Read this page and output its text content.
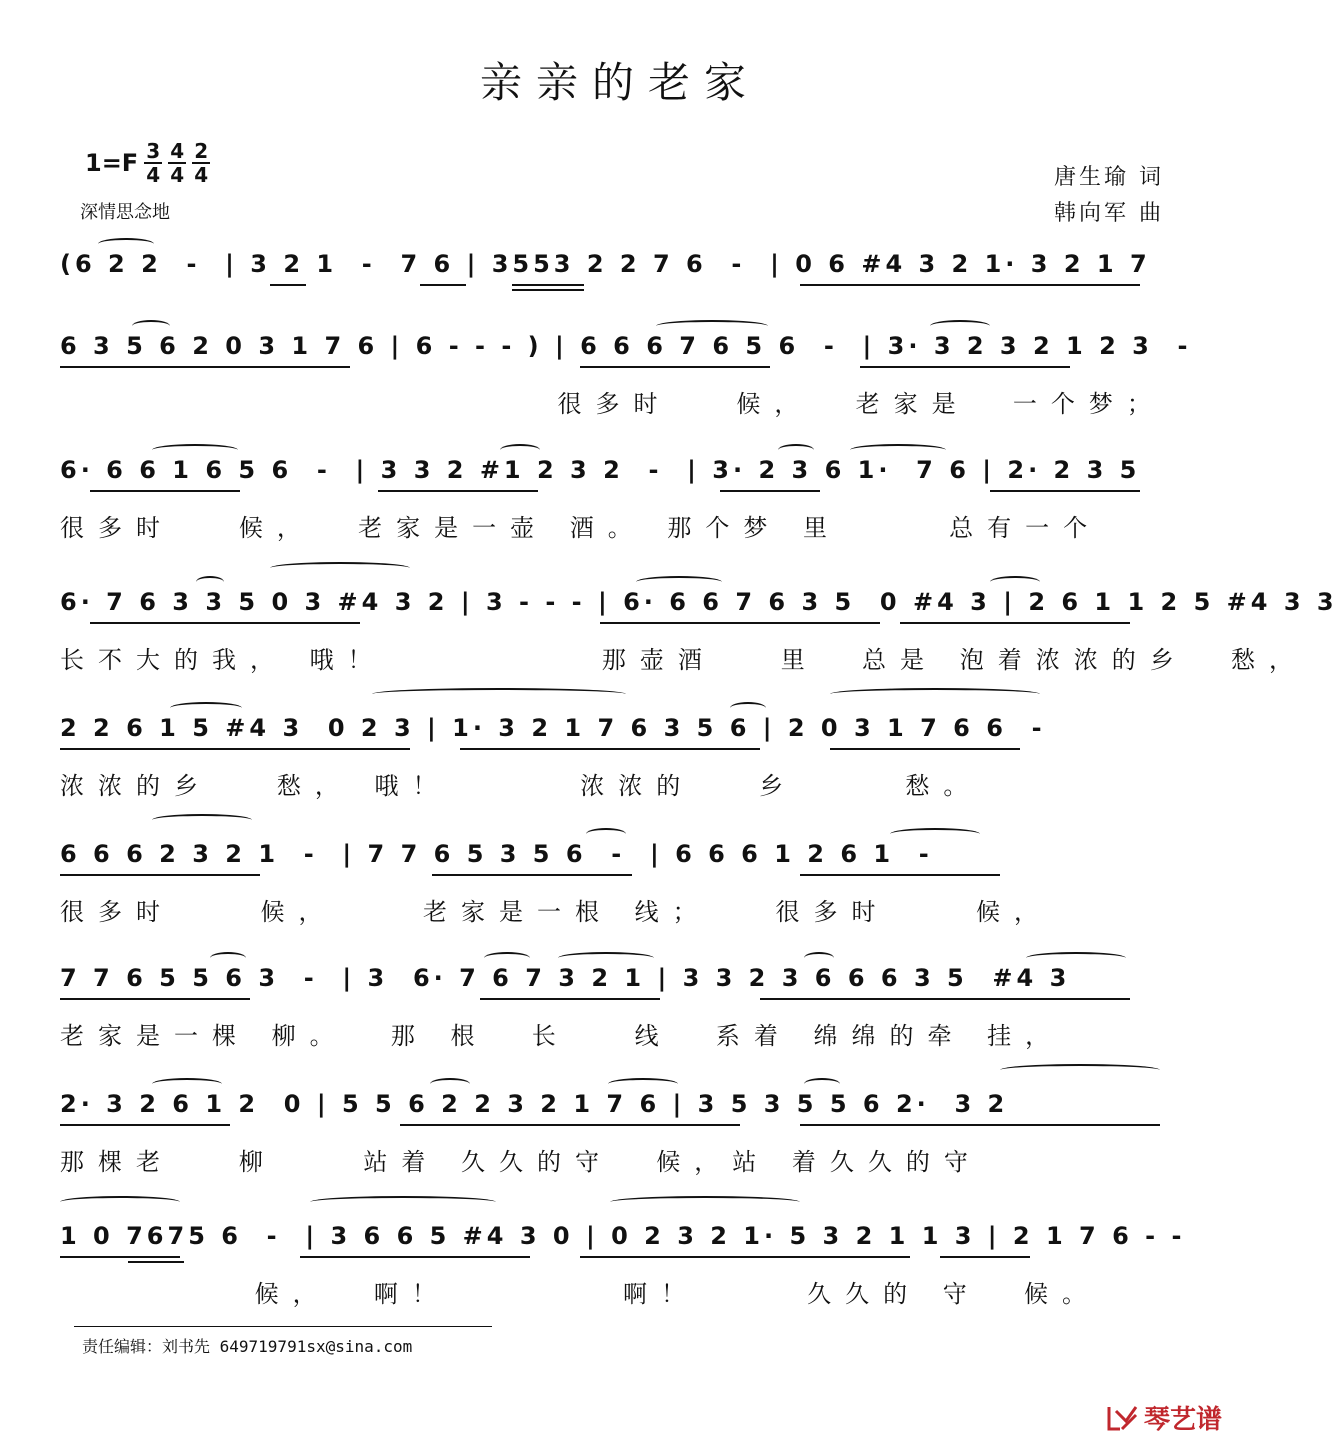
亲亲的老家
$1=F \frac{3}{4} \frac{4}{4} \frac{2}{4}$
深情思念地
唐生瑜 词
韩向军 曲
(6 2 2  -  | 3 2 1  -  7 6 | 3553 2 2 7 6  -  | 0 6 #4 3 2 1· 3 2 1 7
6 3 5 6 2 0 3 1 7 6 | 6 - - - ) | 6 6 6 7 6 5 6  -  | 3· 3 2 3 2 1 2 3  -
很多时   候，  老家是  一个梦；
6· 6 6 1 6 5 6  -  | 3 3 2 #1 2 3 2  -  | 3· 2 3 6 1·  7 6 | 2· 2 3 5
很多时   候，  老家是一壶 酒。 那个梦 里     总有一个
6· 7 6 3 3 5 0 3 #4 3 2 | 3 - - - | 6· 6 6 7 6 3 5  0 #4 3 | 2 6 1 1 2 5 #4 3 3
长不大的我， 哦！          那壶酒   里  总是 泡着浓浓的乡  愁，
2 2 6 1 5 #4 3  0 2 3 | 1· 3 2 1 7 6 3 5 6 | 2 0 3 1 7 6 6  -
浓浓的乡   愁， 哦！      浓浓的   乡     愁。
6 6 6 2 3 2 1  -  | 7 7 6 5 3 5 6  -  | 6 6 6 1 2 6 1  -
很多时    候，    老家是一根 线；   很多时    候，
7 7 6 5 5 6 3  -  | 3  6· 7 6 7 3 2 1 | 3 3 2 3 6 6 6 3 5  #4 3
老家是一棵 柳。  那 根  长   线  系着 绵绵的牵 挂，
2· 3 2 6 1 2  0 | 5 5 6 2 2 3 2 1 7 6 | 3 5 3 5 5 6 2·  3 2
那棵老   柳    站着 久久的守  候，站 着久久的守
1 0 7675 6  -  | 3 6 6 5 #4 3 0 | 0 2 3 2 1· 5 3 2 1 1 3 | 2 1 7 6 - -
候，  啊！        啊！     久久的 守  候。
责任编辑：刘书先 649719791sx@sina.com
琴艺谱
